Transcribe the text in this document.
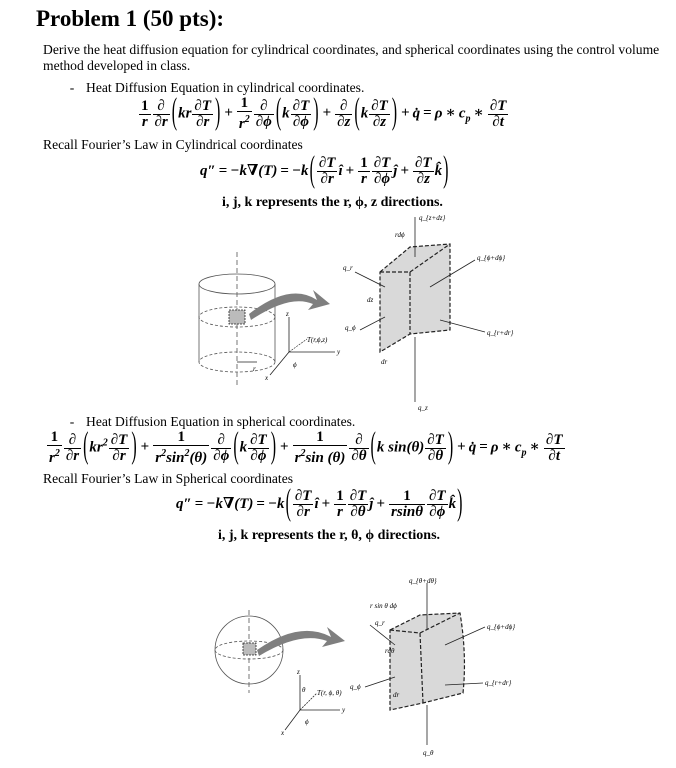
Problem 1 (50 pts):
Derive the heat diffusion equation for cylindrical coordinates, and spherical coordinates using the control volume method developed in class.
- Heat Diffusion Equation in cylindrical coordinates.
$\frac{1}{r} \frac{\partial}{\partial r} (kr \frac{\partial T}{\partial r}$ ) + $\frac{1}{r^2} \frac{\partial}{\partial\phi} (k \frac{\partial T}{\partial\phi}$ ) + $\frac{\partial}{\partial z} (k \frac{\partial T}{\partial z}$ ) + q̇ = ρ ∗ $c_p$ ∗ $\frac{\partial T}{\partial t}$
Recall Fourier’s Law in Cylindrical coordinates
$q'' = -k\nabla(T) = -k( \frac{\partial T}{\partial r}$ î + $\frac{1}{r} \frac{\partial T}{\partial\phi}$ ĵ + $\frac{\partial T}{\partial z}$ k̂)
i, j, k represents the r, ϕ, z directions.
r
z
y
x
ϕ
T(r,ϕ,z)
q_{z+dz}
rdϕ
q_r
q_{ϕ+dϕ}
dz
q_ϕ
dr
q_{r+dr}
q_z
- Heat Diffusion Equation in spherical coordinates.
$\frac{1}{r^2} \frac{\partial}{\partial r} (kr^2 \frac{\partial T}{\partial r}$ ) + $\frac{1}{r^2\sin^2(\theta)} \frac{\partial}{\partial\phi} (k \frac{\partial T}{\partial\phi}$ ) + $\frac{1}{r^2\sin (\theta)} \frac{\partial}{\partial\theta} (k$ $\sin(\theta) \frac{\partial T}{\partial\theta}$ ) + q̇ = ρ ∗ $c_p$ ∗ $\frac{\partial T}{\partial t}$
Recall Fourier’s Law in Spherical coordinates
$q'' = -k\nabla(T) = -k( \frac{\partial T}{\partial r}$ î + $\frac{1}{r} \frac{\partial T}{\partial\theta}$ ĵ + $\frac{1}{rsin\theta} \frac{\partial T}{\partial\phi}$ k̂)
i, j, k represents the r, θ, ϕ directions.
z
y
x
θ
ϕ
T(r, ϕ, θ)
q_{θ+dθ}
r sin θ dϕ
q_r	q_{ϕ+dϕ}
rdθ
q_ϕ
dr
q_{r+dr}
q_θ
